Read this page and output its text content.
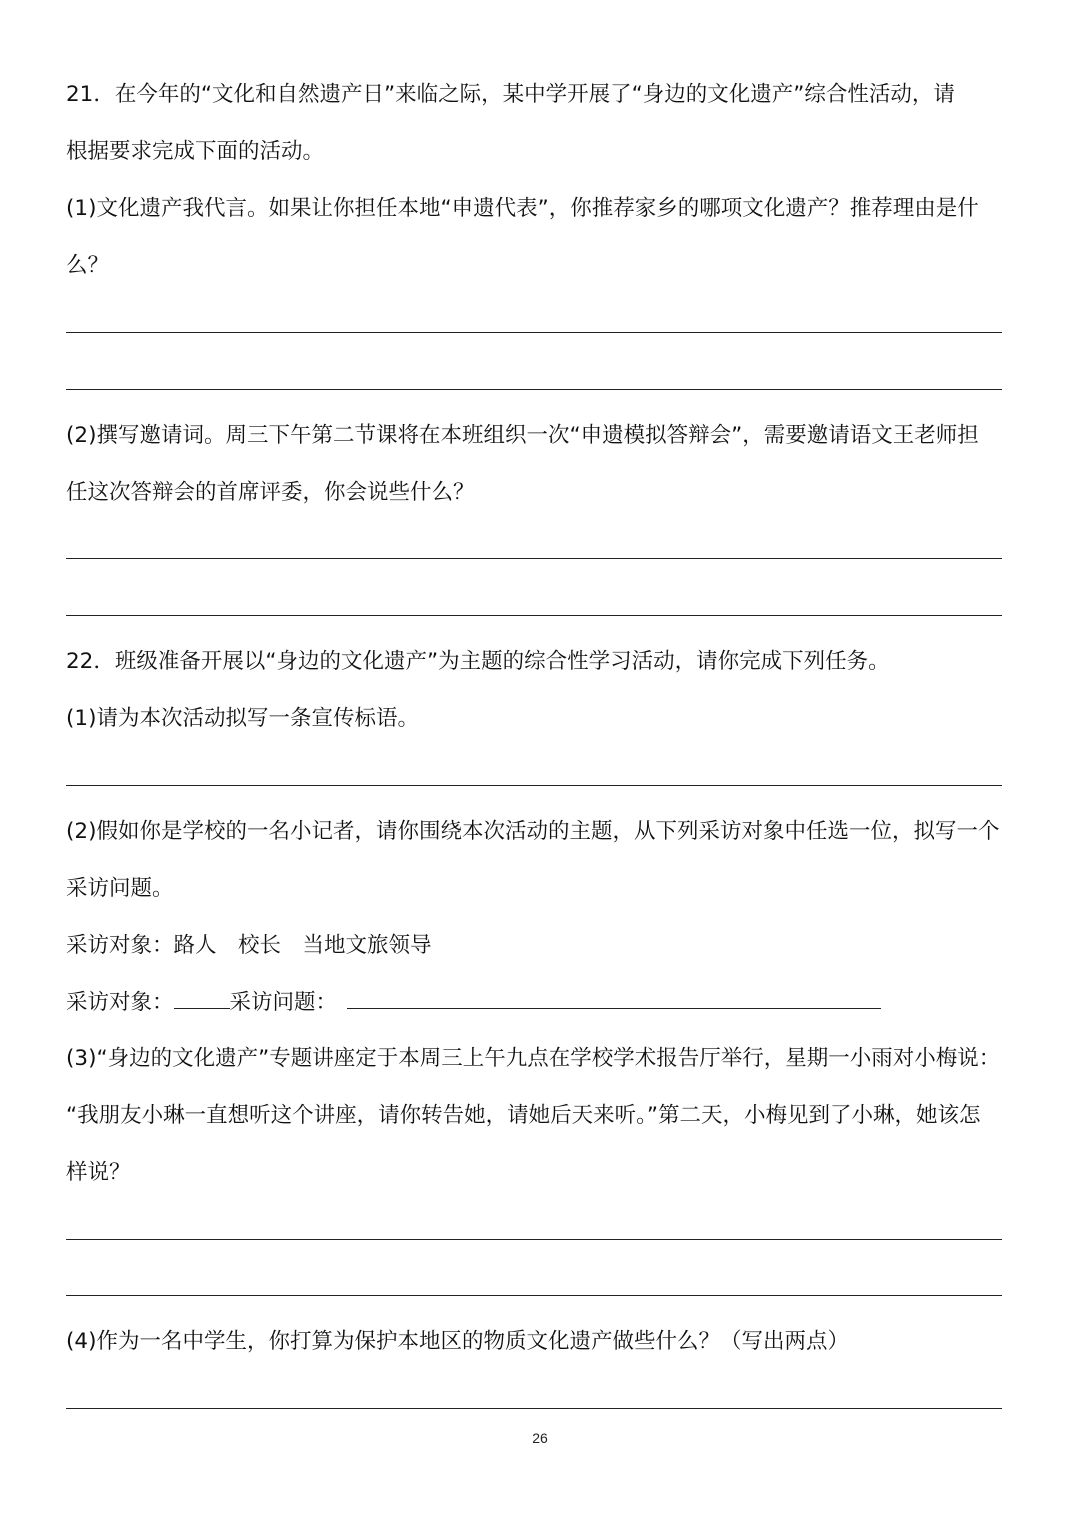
21．在今年的“文化和自然遗产日”来临之际，某中学开展了“身边的文化遗产”综合性活动，请
根据要求完成下面的活动。
(1)文化遗产我代言。如果让你担任本地“申遗代表”，你推荐家乡的哪项文化遗产？推荐理由是什
么？
(2)撰写邀请词。周三下午第二节课将在本班组织一次“申遗模拟答辩会”，需要邀请语文王老师担
任这次答辩会的首席评委，你会说些什么？
22．班级准备开展以“身边的文化遗产”为主题的综合性学习活动，请你完成下列任务。
(1)请为本次活动拟写一条宣传标语。
(2)假如你是学校的一名小记者，请你围绕本次活动的主题，从下列采访对象中任选一位，拟写一个
采访问题。
采访对象：路人　校长　当地文旅领导
采访对象：	采访问题：
(3)“身边的文化遗产”专题讲座定于本周三上午九点在学校学术报告厅举行，星期一小雨对小梅说：
“我朋友小琳一直想听这个讲座，请你转告她，请她后天来听。”第二天，小梅见到了小琳，她该怎
样说？
(4)作为一名中学生，你打算为保护本地区的物质文化遗产做些什么？（写出两点）
26
